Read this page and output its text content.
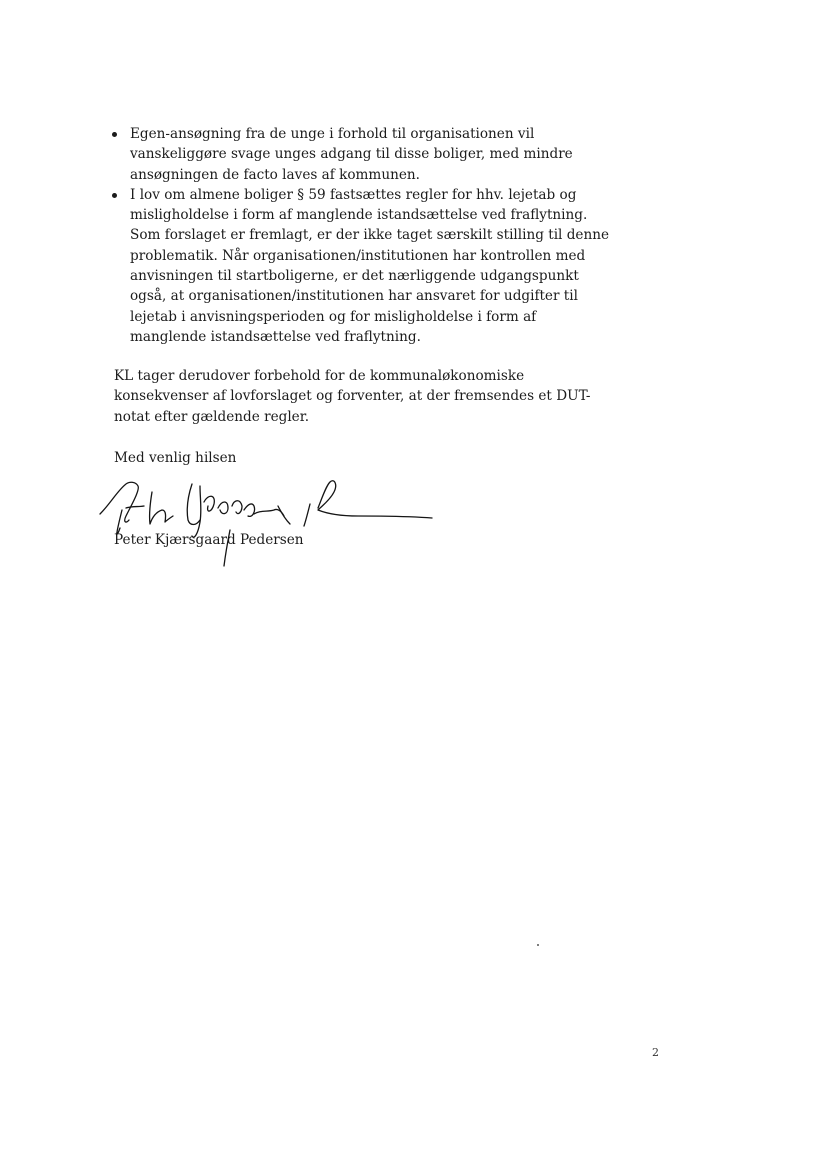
Egen-ansøgning fra de unge i forhold til organisationen vil vanskeliggøre svage unges adgang til disse boliger, med mindre ansøgningen de facto laves af kommunen.
I lov om almene boliger § 59 fastsættes regler for hhv. lejetab og misligholdelse i form af manglende istandsættelse ved fraflytning. Som forslaget er fremlagt, er der ikke taget særskilt stilling til denne problematik. Når organisationen/institutionen har kontrollen med anvisningen til startboligerne, er det nærliggende udgangspunkt også, at organisationen/institutionen har ansvaret for udgifter til lejetab i anvisningsperioden og for misligholdelse i form af manglende istandsættelse ved fraflytning.

KL tager derudover forbehold for de kommunaløkonomiske konsekvenser af lovforslaget og forventer, at der fremsendes et DUT-notat efter gældende regler.

Med venlig hilsen

Peter Kjærsgaard Pedersen

2
